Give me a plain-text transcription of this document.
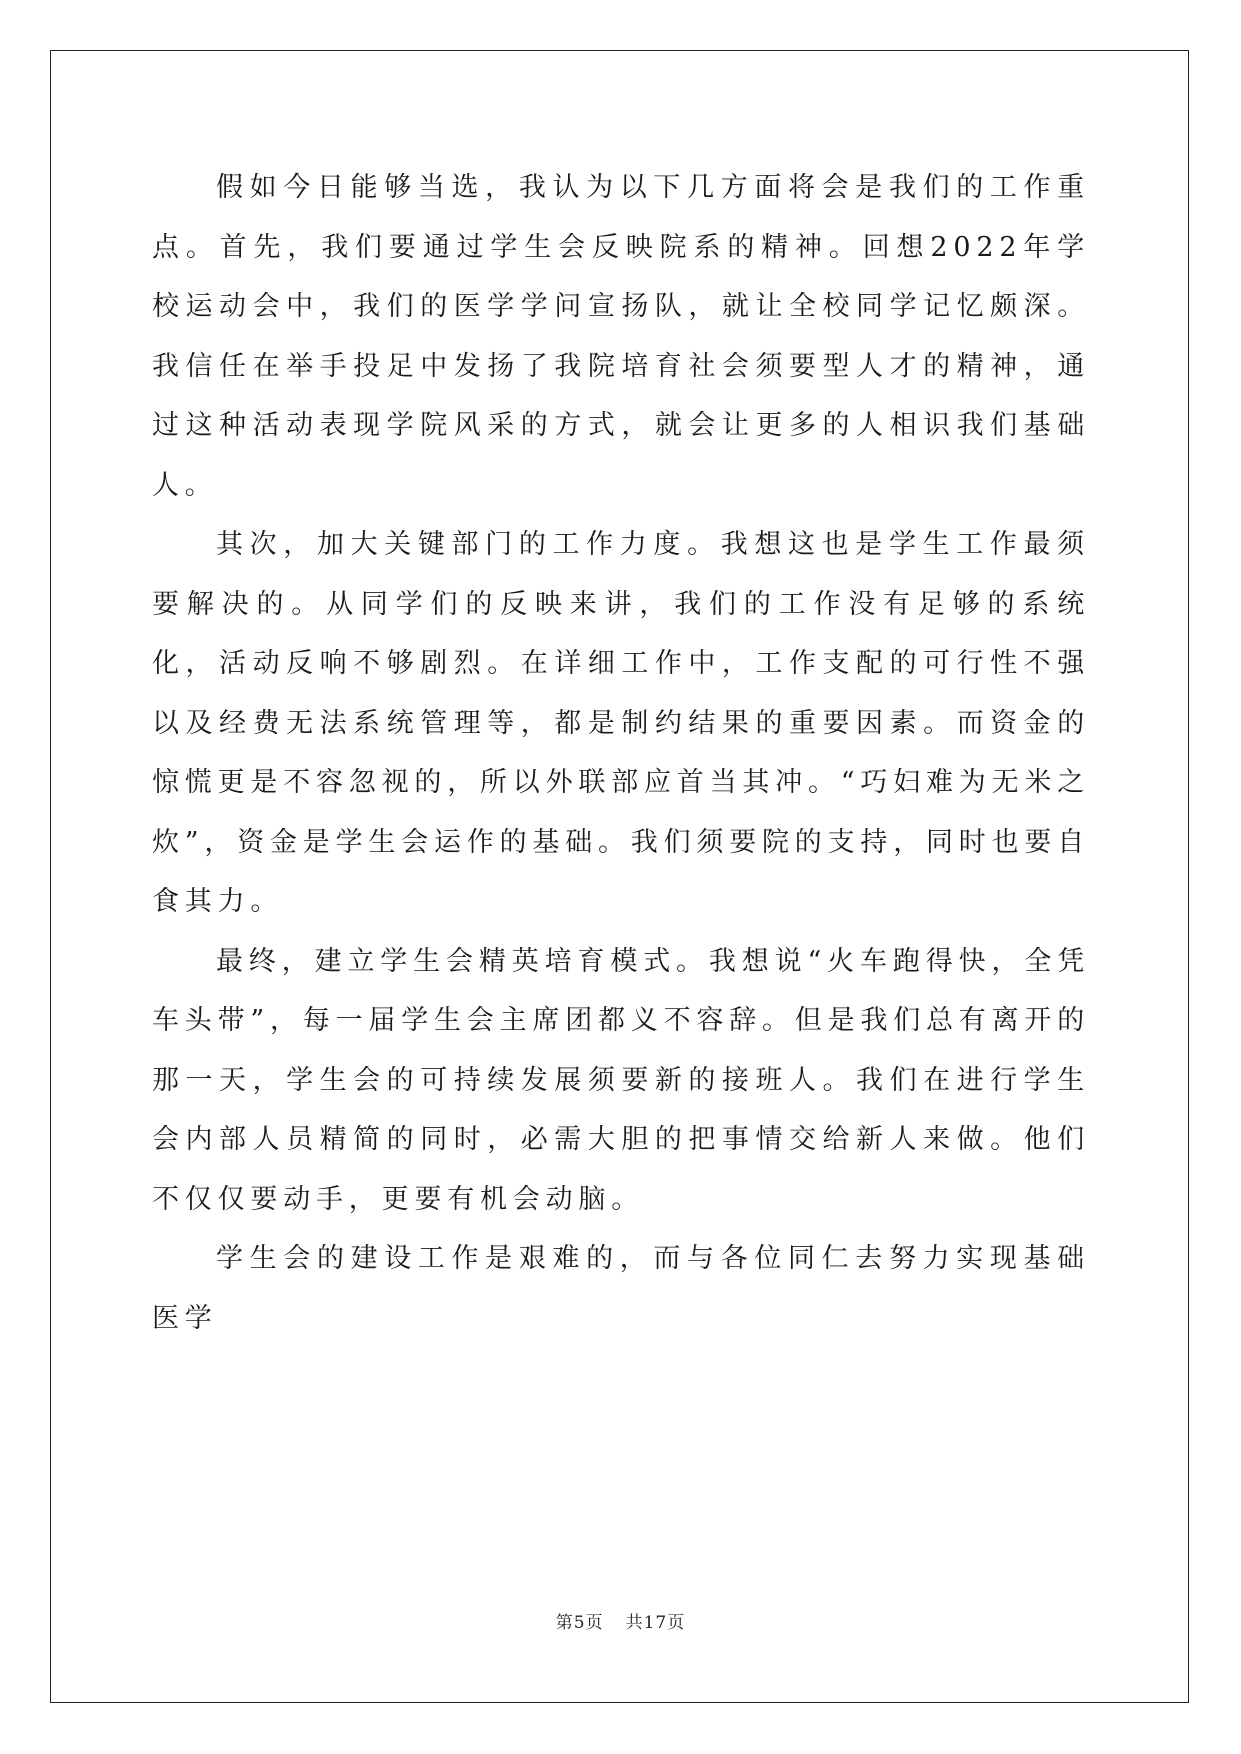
假如今日能够当选，我认为以下几方面将会是我们的工作重点。首先，我们要通过学生会反映院系的精神。回想2022年学校运动会中，我们的医学学问宣扬队，就让全校同学记忆颇深。我信任在举手投足中发扬了我院培育社会须要型人才的精神，通过这种活动表现学院风采的方式，就会让更多的人相识我们基础人。

其次，加大关键部门的工作力度。我想这也是学生工作最须要解决的。从同学们的反映来讲，我们的工作没有足够的系统化，活动反响不够剧烈。在详细工作中，工作支配的可行性不强以及经费无法系统管理等，都是制约结果的重要因素。而资金的惊慌更是不容忽视的，所以外联部应首当其冲。“巧妇难为无米之炊”，资金是学生会运作的基础。我们须要院的支持，同时也要自食其力。

最终，建立学生会精英培育模式。我想说“火车跑得快，全凭车头带”，每一届学生会主席团都义不容辞。但是我们总有离开的那一天，学生会的可持续发展须要新的接班人。我们在进行学生会内部人员精简的同时，必需大胆的把事情交给新人来做。他们不仅仅要动手，更要有机会动脑。

学生会的建设工作是艰难的，而与各位同仁去努力实现基础医学

第5页 共17页
